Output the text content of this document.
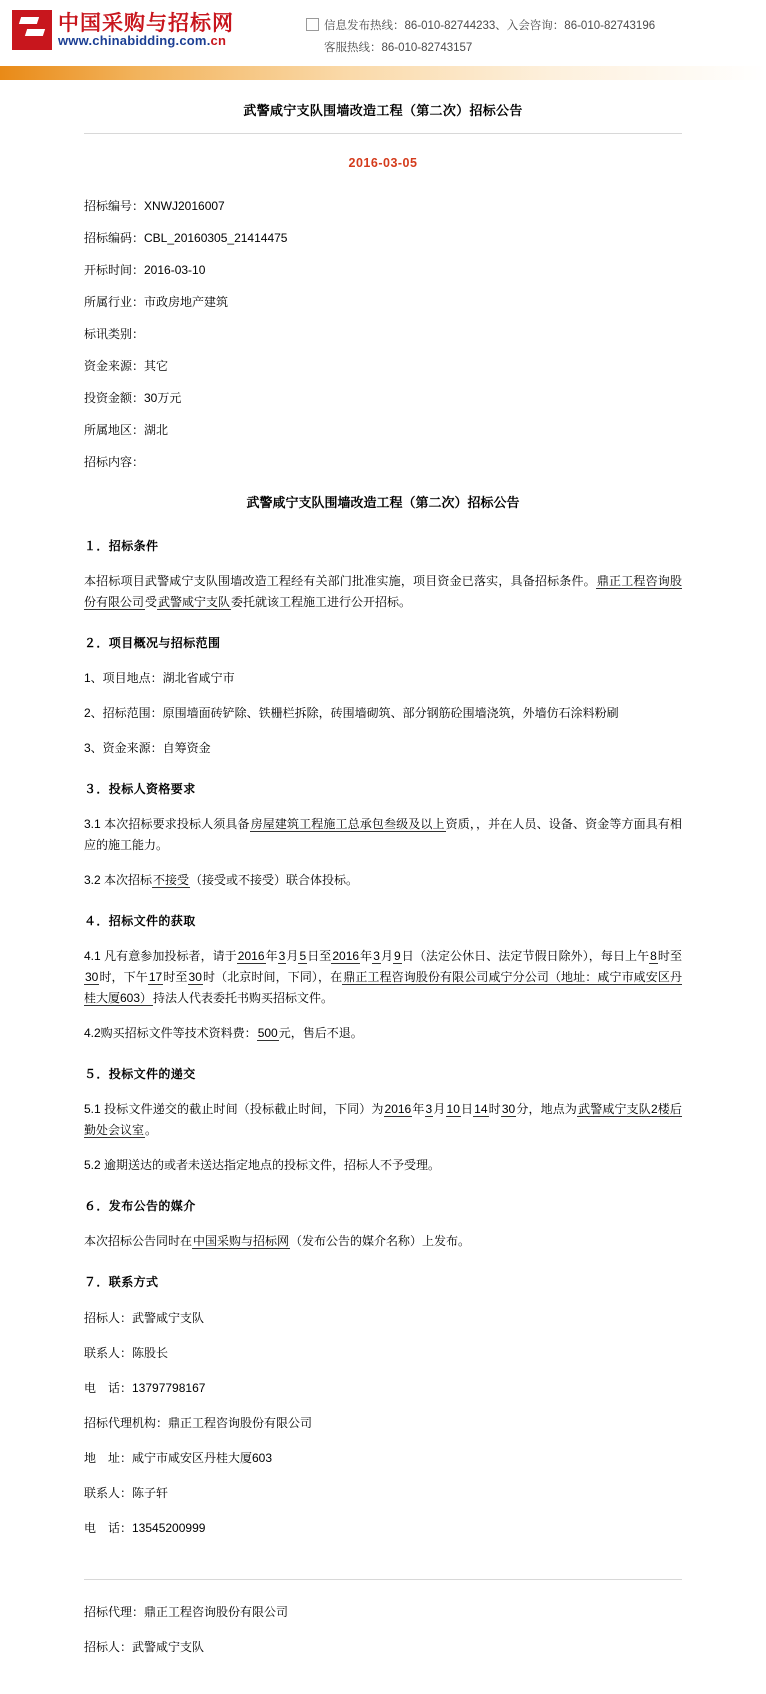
中国采购与招标网
www.chinabidding.com.cn
信息发布热线：86-010-82744233、入会咨询：86-010-82743196
客服热线：86-010-82743157
武警咸宁支队围墙改造工程（第二次）招标公告
2016-03-05

招标编号：XNWJ2016007

招标编码：CBL_20160305_21414475

开标时间：2016-03-10

所属行业：市政房地产建筑

标讯类别：

资金来源：其它

投资金额：30万元

所属地区：湖北

招标内容：

武警咸宁支队围墙改造工程（第二次）招标公告
１．招标条件

本招标项目武警咸宁支队围墙改造工程经有关部门批准实施，项目资金已落实，具备招标条件。鼎正工程咨询股份有限公司受武警咸宁支队委托就该工程施工进行公开招标。

２．项目概况与招标范围

1、项目地点：湖北省咸宁市

2、招标范围：原围墙面砖铲除、铁栅栏拆除，砖围墙砌筑、部分钢筋砼围墙浇筑，外墙仿石涂料粉刷

3、资金来源：自筹资金

３．投标人资格要求

3.1 本次招标要求投标人须具备房屋建筑工程施工总承包叁级及以上资质，，并在人员、设备、资金等方面具有相应的施工能力。

3.2 本次招标不接受（接受或不接受）联合体投标。

４．招标文件的获取

4.1 凡有意参加投标者，请于2016年3月5日至2016年3月9日（法定公休日、法定节假日除外），每日上午8时至30时，下午17时至30时（北京时间，下同），在鼎正工程咨询股份有限公司咸宁分公司（地址：咸宁市咸安区丹桂大厦603）持法人代表委托书购买招标文件。

4.2购买招标文件等技术资料费：500元，售后不退。

５．投标文件的递交

5.1 投标文件递交的截止时间（投标截止时间，下同）为2016年3月10日14时30分，地点为武警咸宁支队2楼后勤处会议室。

5.2 逾期送达的或者未送达指定地点的投标文件，招标人不予受理。

６．发布公告的媒介

本次招标公告同时在中国采购与招标网（发布公告的媒介名称）上发布。

７．联系方式

招标人：武警咸宁支队

联系人：陈股长

电　话：13797798167

招标代理机构：鼎正工程咨询股份有限公司

地　址：咸宁市咸安区丹桂大厦603

联系人：陈子轩

电　话：13545200999

招标代理：鼎正工程咨询股份有限公司

招标人：武警咸宁支队
